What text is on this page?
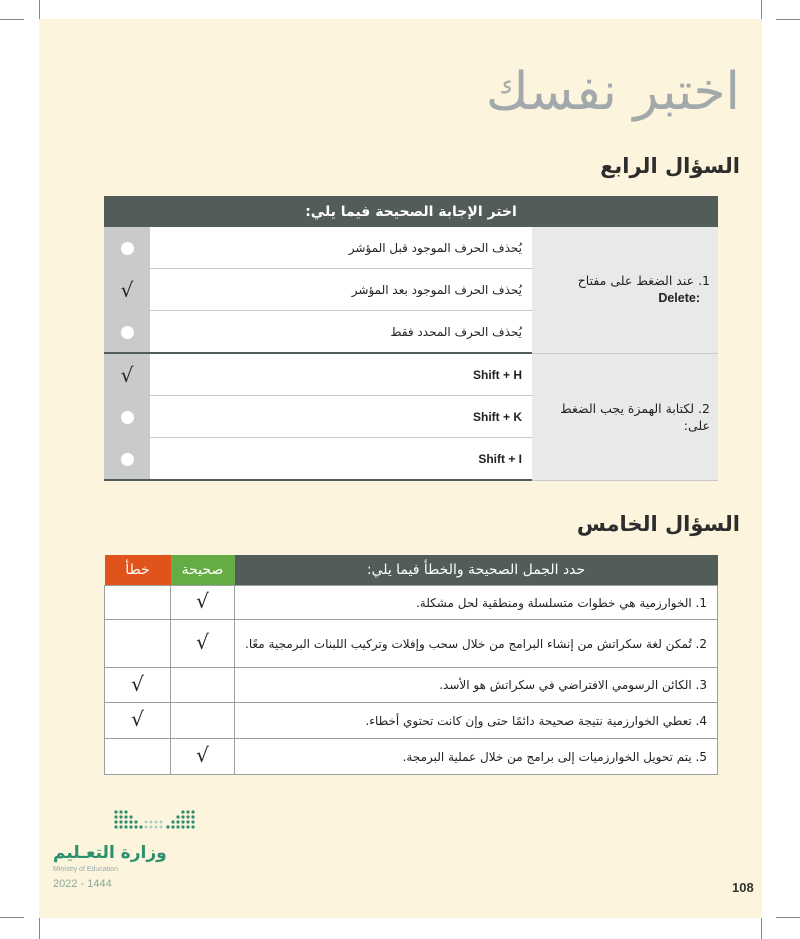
اختبر نفسك
السؤال الرابع
اختر الإجابة الصحيحة فيما يلي:		

1. عند الضغط على مفتاح
Delete:	يُحذف الحرف الموجود قبل المؤشر	
	يُحذف الحرف الموجود بعد المؤشر	√
	يُحذف الحرف المحدد فقط	
2. لكتابة الهمزة يجب الضغط على:	Shift + H	√
	Shift + K	
	Shift + I	
السؤال الخامس
حدد الجمل الصحيحة والخطأ فيما يلي:	صحيحة	خطأ
1. الخوارزمية هي خطوات متسلسلة ومنطقية لحل مشكلة.	√	
2. تُمكن لغة سكراتش من إنشاء البرامج من خلال سحب وإفلات وتركيب اللبنات البرمجية معًا.	√	
3. الكائن الرسومي الافتراضي في سكراتش هو الأسد.		√
4. تعطي الخوارزمية نتيجة صحيحة دائمًا حتى وإن كانت تحتوي أخطاء.		√
5. يتم تحويل الخوارزميات إلى برامج من خلال عملية البرمجة.	√	
وزارة التعـليم
Ministry of Education
2022 - 1444	108
